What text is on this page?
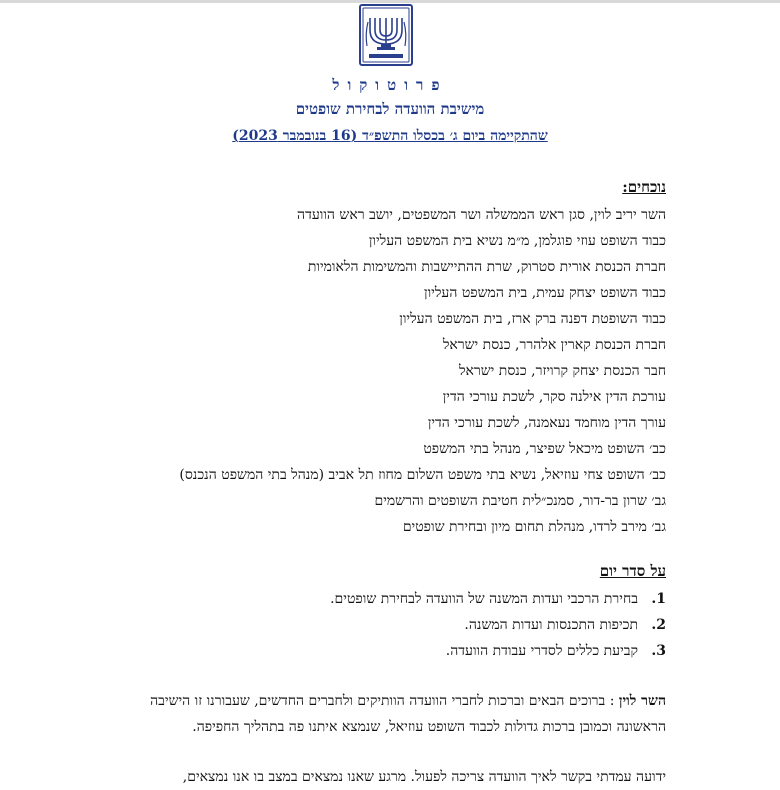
פרוטוקול
מישיבת הוועדה לבחירת שופטים
שהתקיימה ביום ג׳ בכסלו התשפ״ד (16 בנובמבר 2023)
נוכחים:
השר יריב לוין, סגן ראש הממשלה ושר המשפטים, יושב ראש הוועדה
כבוד השופט עוזי פוגלמן, מ״מ נשיא בית המשפט העליון
חברת הכנסת אורית סטרוק, שרת ההתיישבות והמשימות הלאומיות
כבוד השופט יצחק עמית, בית המשפט העליון
כבוד השופטת דפנה ברק ארז, בית המשפט העליון
חברת הכנסת קארין אלהרר, כנסת ישראל
חבר הכנסת יצחק קרויזר, כנסת ישראל
עורכת הדין אילנה סקר, לשכת עורכי הדין
עורך הדין מוחמד נעאמנה, לשכת עורכי הדין
כב׳ השופט מיכאל שפיצר, מנהל בתי המשפט
כב׳ השופט צחי עוזיאל, נשיא בתי משפט השלום מחוז תל אביב (מנהל בתי המשפט הנכנס)
גב׳ שרון בר-דור, סמנכ״לית חטיבת השופטים והרשמים
גב׳ מירב לרדו, מנהלת תחום מיון ובחירת שופטים
על סדר יום
1.בחירת הרכבי ועדות המשנה של הוועדה לבחירת שופטים.
2.תכיפות התכנסות ועדות המשנה.
3.קביעת כללים לסדרי עבודת הוועדה.

השר לוין : ברוכים הבאים וברכות לחברי הוועדה הוותיקים ולחברים החדשים, שעבורנו זו הישיבה הראשונה וכמובן ברכות גדולות לכבוד השופט עוזיאל, שנמצא איתנו פה בתהליך החפיפה.

ידועה עמדתי בקשר לאיך הוועדה צריכה לפעול. מרגע שאנו נמצאים במצב בו אנו נמצאים,
